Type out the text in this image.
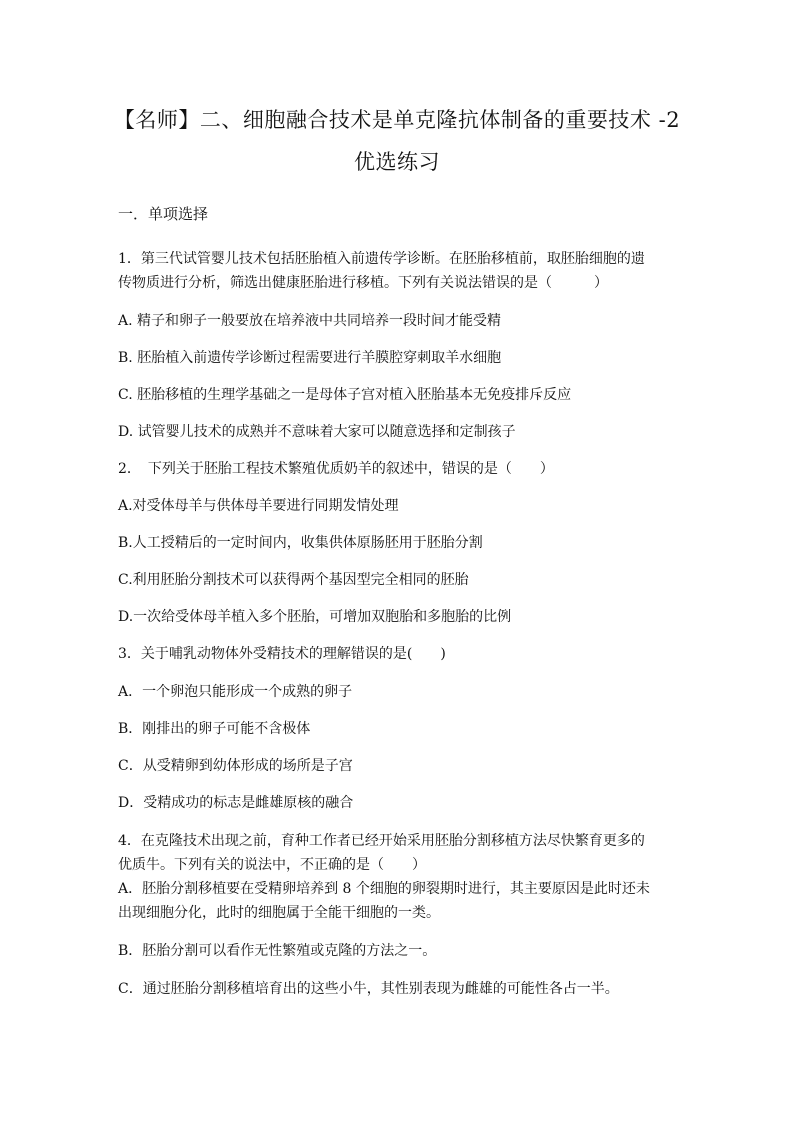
【名师】二、细胞融合技术是单克隆抗体制备的重要技术 -2
优选练习
一．单项选择
1．第三代试管婴儿技术包括胚胎植入前遗传学诊断。在胚胎移植前，取胚胎细胞的遗
传物质进行分析，筛选出健康胚胎进行移植。下列有关说法错误的是（　　　）
A. 精子和卵子一般要放在培养液中共同培养一段时间才能受精
B. 胚胎植入前遗传学诊断过程需要进行羊膜腔穿刺取羊水细胞
C. 胚胎移植的生理学基础之一是母体子宫对植入胚胎基本无免疫排斥反应
D. 试管婴儿技术的成熟并不意味着大家可以随意选择和定制孩子
2．　下列关于胚胎工程技术繁殖优质奶羊的叙述中，错误的是（　　）
A.对受体母羊与供体母羊要进行同期发情处理
B.人工授精后的一定时间内，收集供体原肠胚用于胚胎分割
C.利用胚胎分割技术可以获得两个基因型完全相同的胚胎
D.一次给受体母羊植入多个胚胎，可增加双胞胎和多胞胎的比例
3．关于哺乳动物体外受精技术的理解错误的是(　　)
A．一个卵泡只能形成一个成熟的卵子
B．刚排出的卵子可能不含极体
C．从受精卵到幼体形成的场所是子宫
D．受精成功的标志是雌雄原核的融合
4．在克隆技术出现之前，育种工作者已经开始采用胚胎分割移植方法尽快繁育更多的
优质牛。下列有关的说法中，不正确的是（　　）
A．胚胎分割移植要在受精卵培养到 8 个细胞的卵裂期时进行，其主要原因是此时还未
出现细胞分化，此时的细胞属于全能干细胞的一类。
B．胚胎分割可以看作无性繁殖或克隆的方法之一。
C．通过胚胎分割移植培育出的这些小牛，其性别表现为雌雄的可能性各占一半。
